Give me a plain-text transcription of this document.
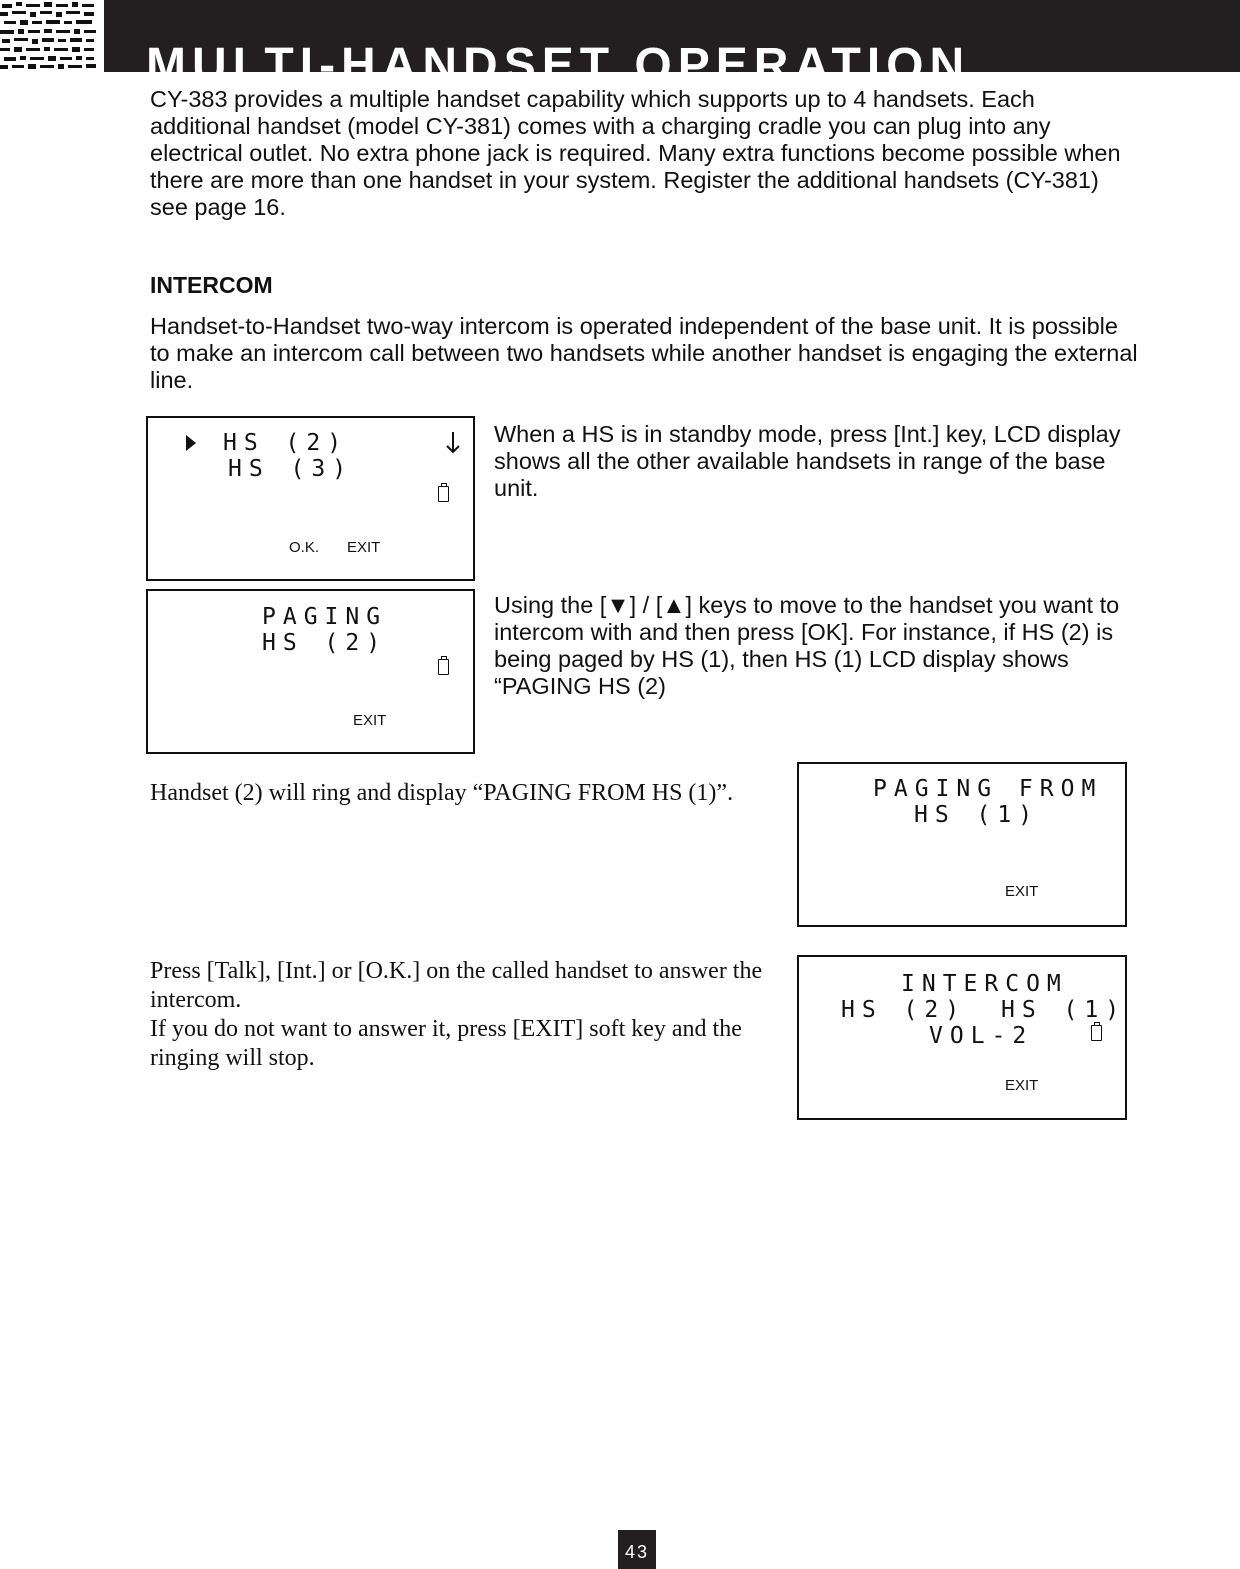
MULTI-HANDSET OPERATION

CY-383 provides a multiple handset capability which supports up to 4 handsets. Each additional handset (model CY-381) comes with a charging cradle you can plug into any electrical outlet. No extra phone jack is required. Many extra functions become possible when there are more than one handset in your system. Register the additional handsets (CY-381) see page 16.

INTERCOM

Handset-to-Handset two-way intercom is operated independent of the base unit. It is possible to make an intercom call between two handsets while another handset is engaging the external line.

HS (2)

HS (3)

O.K. EXIT

When a HS is in standby mode, press [Int.] key, LCD display shows all the other available handsets in range of the base unit.

PAGING

HS (2)

EXIT

Using the [▼] / [▲] keys to move to the handset you want to intercom with and then press [OK]. For instance, if HS (2) is being paged by HS (1), then HS (1) LCD display shows “PAGING HS (2)

Handset (2) will ring and display “PAGING FROM HS (1)”.	PAGING FROM

HS (1)

EXIT

Press [Talk], [Int.] or [O.K.] on the called handset to answer the intercom.
If you do not want to answer it, press [EXIT] soft key and the ringing will stop.

INTERCOM

HS (2) HS (1)

VOL-2

EXIT

43
